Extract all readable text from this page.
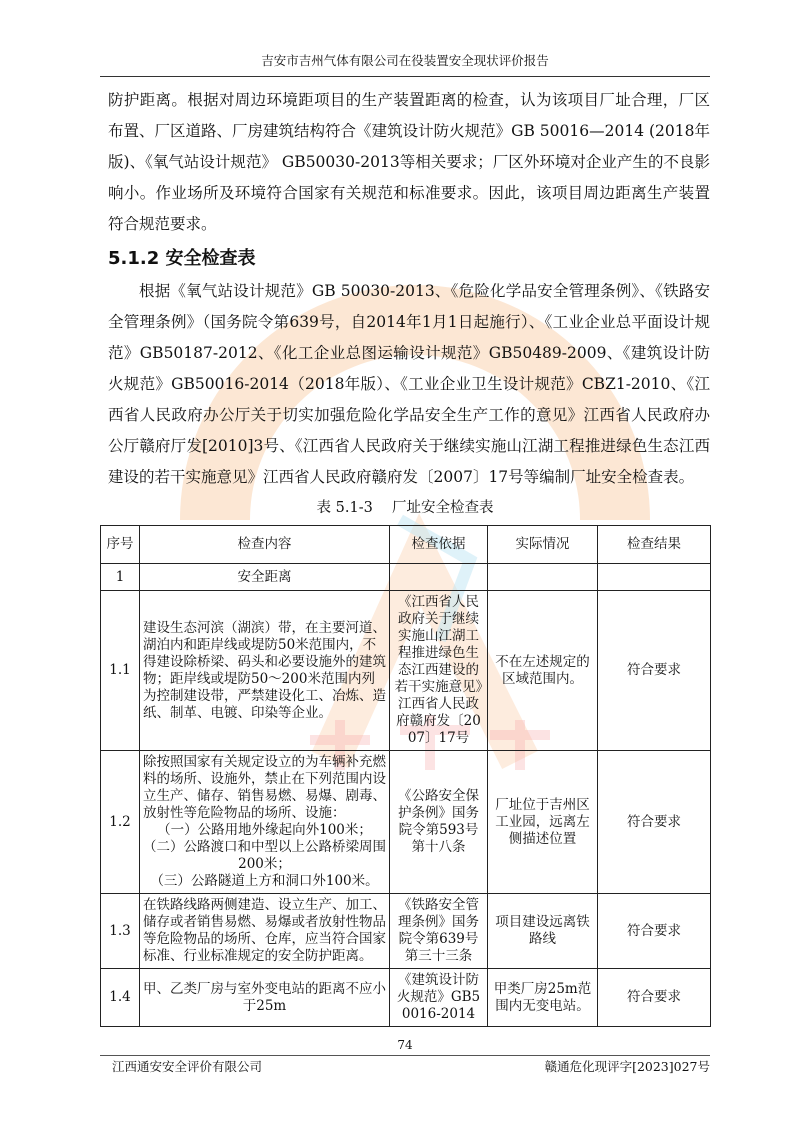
吉安市吉州气体有限公司在役装置安全现状评价报告

防护距离。根据对周边环境距项目的生产装置距离的检查，认为该项目厂址合理，厂区布置、厂区道路、厂房建筑结构符合《建筑设计防火规范》GB 50016—2014 (2018年版)、《氧气站设计规范》 GB50030-2013等相关要求；厂区外环境对企业产生的不良影响小。作业场所及环境符合国家有关规范和标准要求。因此，该项目周边距离生产装置符合规范要求。

5.1.2 安全检查表

根据《氧气站设计规范》GB 50030-2013、《危险化学品安全管理条例》、《铁路安全管理条例》（国务院令第639号，自2014年1月1日起施行）、《工业企业总平面设计规范》GB50187-2012、《化工企业总图运输设计规范》GB50489-2009、《建筑设计防火规范》GB50016-2014（2018年版）、《工业企业卫生设计规范》CBZ1-2010、《江西省人民政府办公厅关于切实加强危险化学品安全生产工作的意见》江西省人民政府办公厅赣府厅发[2010]3号、《江西省人民政府关于继续实施山江湖工程推进绿色生态江西建设的若干实施意见》江西省人民政府赣府发〔2007〕17号等编制厂址安全检查表。

表 5.1-3　 厂址安全检查表
序号	检查内容	检查依据	实际情况	检查结果
1	安全距离			
1.1	建设生态河滨（湖滨）带，在主要河道、湖泊内和距岸线或堤防50米范围内，不得建设除桥梁、码头和必要设施外的建筑物；距岸线或堤防50～200米范围内列为控制建设带，严禁建设化工、冶炼、造纸、制革、电镀、印染等企业。	《江西省人民政府关于继续实施山江湖工程推进绿色生态江西建设的若干实施意见》江西省人民政府赣府发〔2007〕17号	不在左述规定的区域范围内。	符合要求
1.2	除按照国家有关规定设立的为车辆补充燃料的场所、设施外，禁止在下列范围内设立生产、储存、销售易燃、易爆、剧毒、放射性等危险物品的场所、设施：
（一）公路用地外缘起向外100米；
（二）公路渡口和中型以上公路桥梁周围200米；
（三）公路隧道上方和洞口外100米。	《公路安全保护条例》国务院令第593号第十八条	厂址位于吉州区工业园，远离左侧描述位置	符合要求
1.3	在铁路线路两侧建造、设立生产、加工、储存或者销售易燃、易爆或者放射性物品等危险物品的场所、仓库，应当符合国家标准、行业标准规定的安全防护距离。	《铁路安全管理条例》国务院令第639号第三十三条	项目建设远离铁路线	符合要求
1.4	甲、乙类厂房与室外变电站的距离不应小于25m	《建筑设计防火规范》GB50016-2014	甲类厂房25m范围内无变电站。	符合要求
74
江西通安安全评价有限公司	赣通危化现评字[2023]027号
